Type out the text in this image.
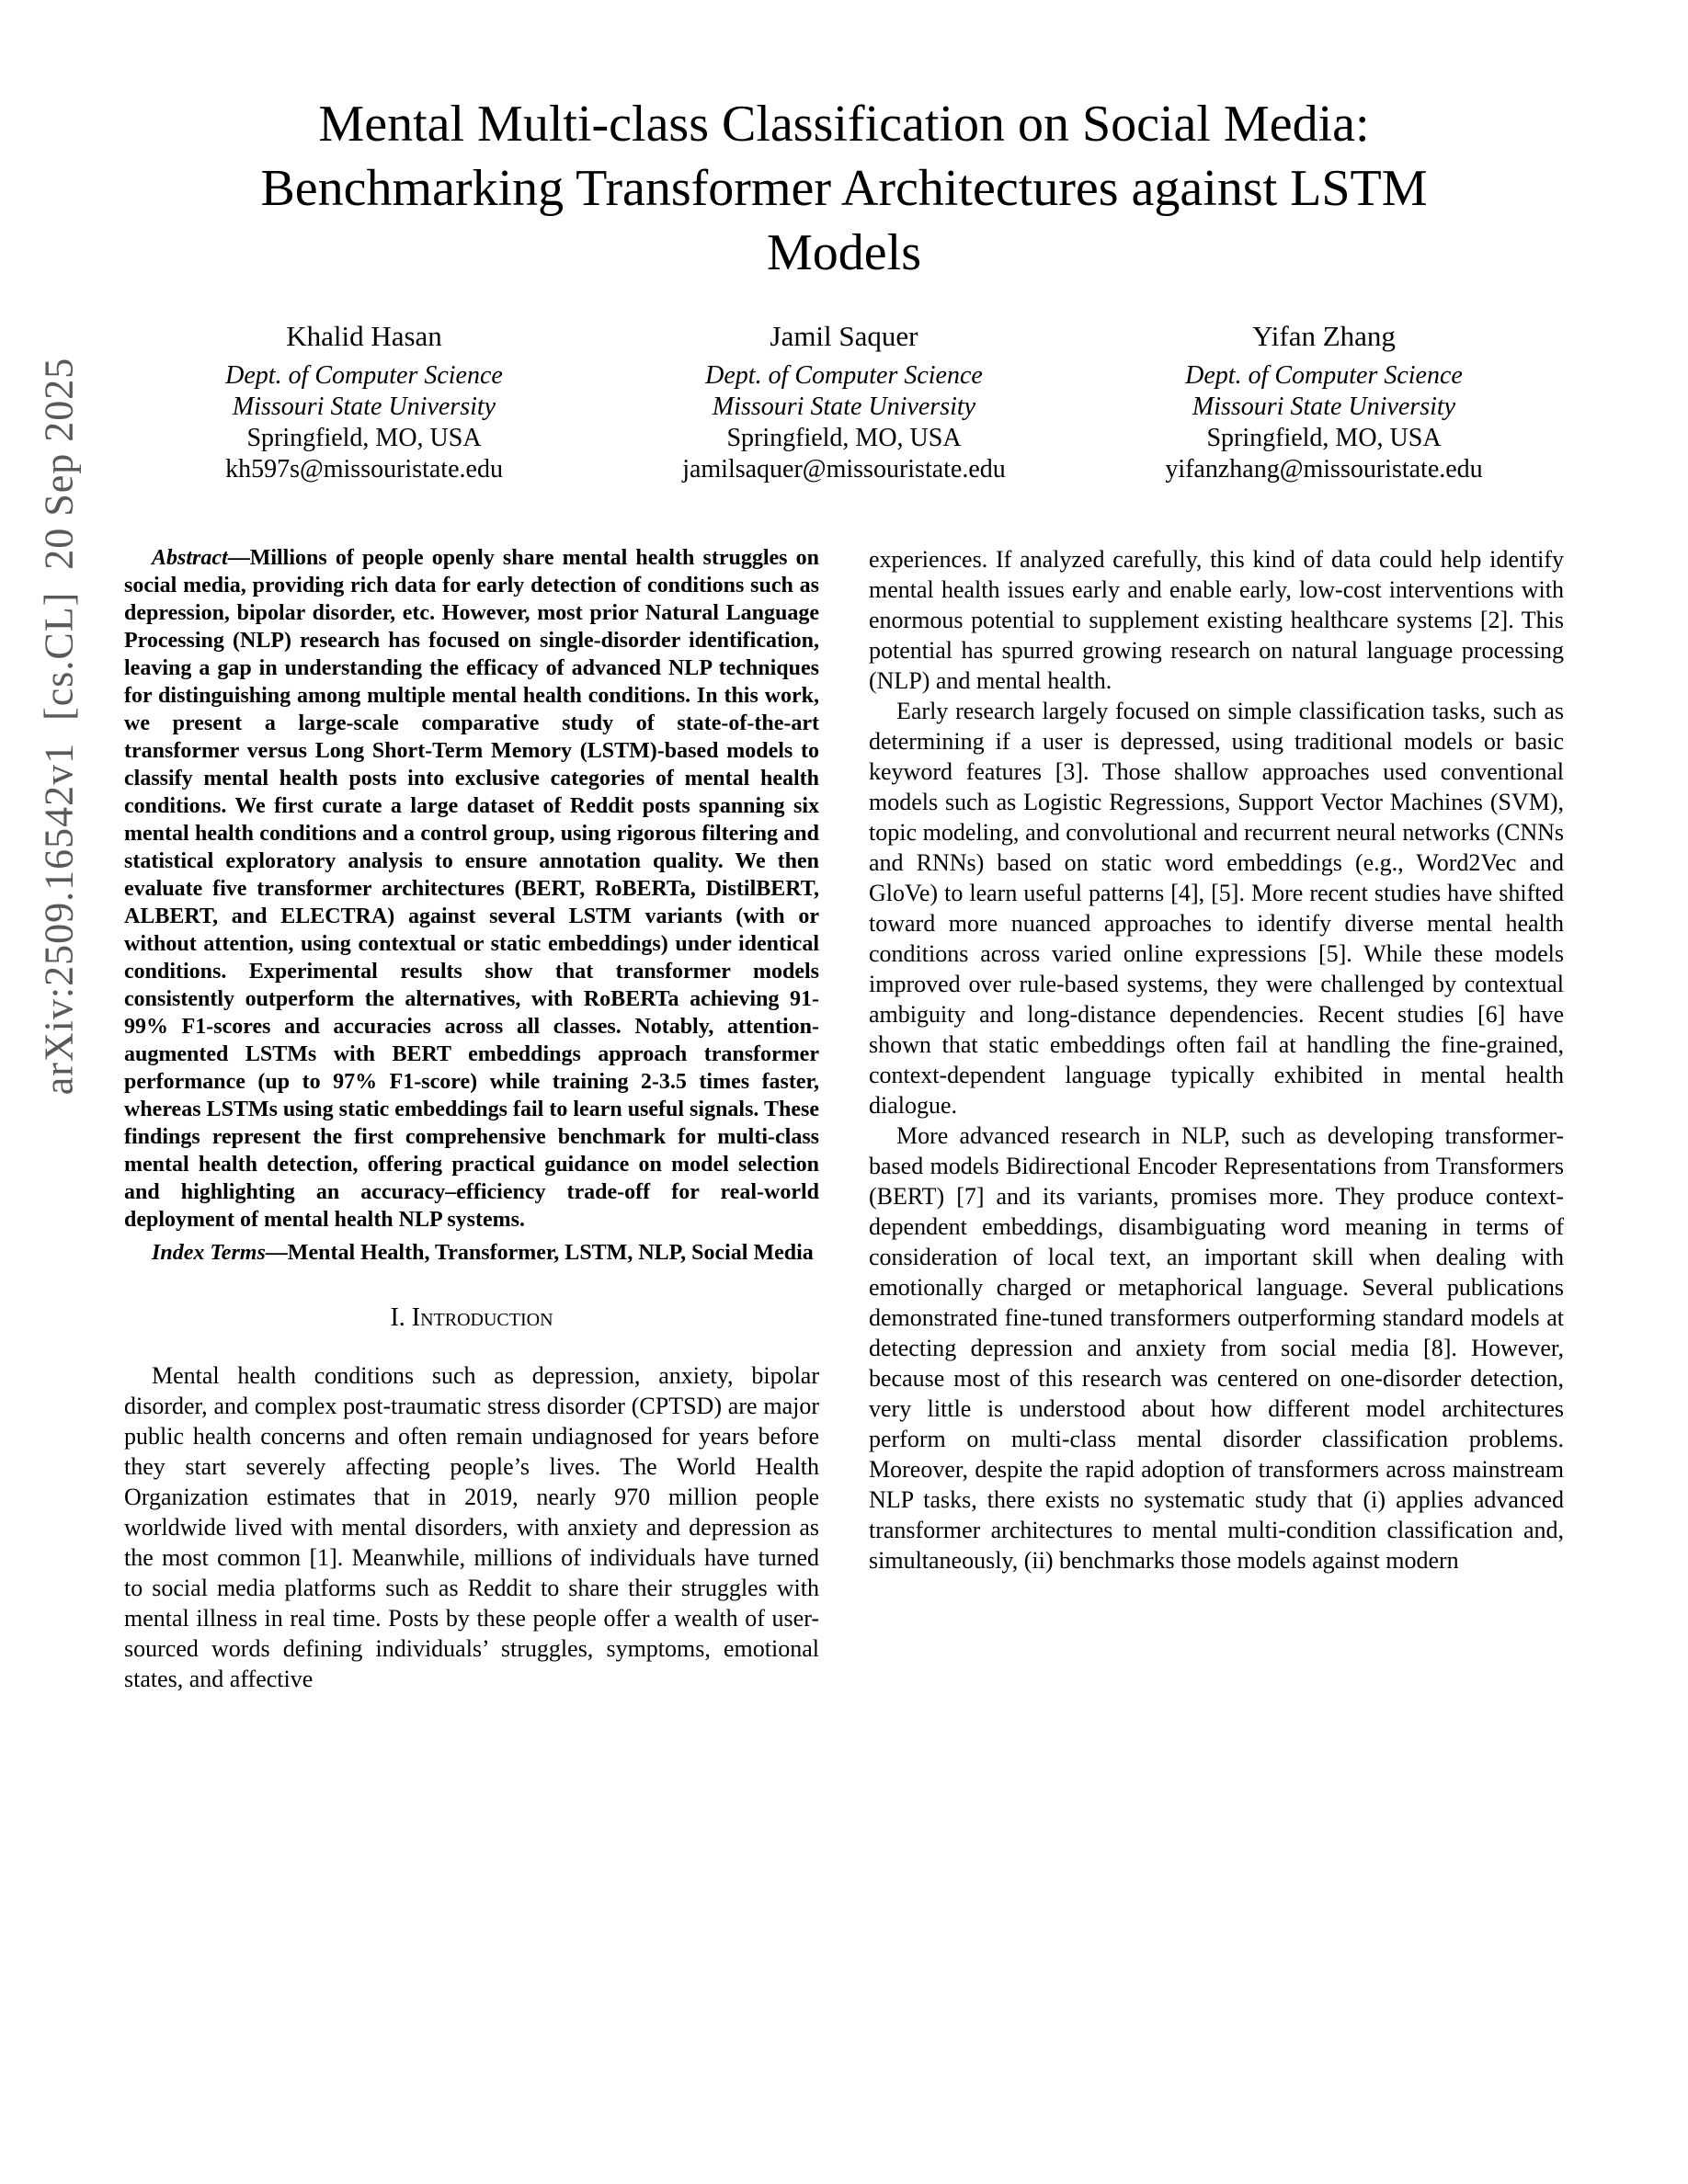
arXiv:2509.16542v1  [cs.CL]  20 Sep 2025
Mental Multi-class Classification on Social Media: Benchmarking Transformer Architectures against LSTM Models
Khalid Hasan
Dept. of Computer Science
Missouri State University
Springfield, MO, USA
kh597s@missouristate.edu
Jamil Saquer
Dept. of Computer Science
Missouri State University
Springfield, MO, USA
jamilsaquer@missouristate.edu
Yifan Zhang
Dept. of Computer Science
Missouri State University
Springfield, MO, USA
yifanzhang@missouristate.edu

Abstract—Millions of people openly share mental health struggles on social media, providing rich data for early detection of conditions such as depression, bipolar disorder, etc. However, most prior Natural Language Processing (NLP) research has focused on single-disorder identification, leaving a gap in understanding the efficacy of advanced NLP techniques for distinguishing among multiple mental health conditions. In this work, we present a large-scale comparative study of state-of-the-art transformer versus Long Short-Term Memory (LSTM)-based models to classify mental health posts into exclusive categories of mental health conditions. We first curate a large dataset of Reddit posts spanning six mental health conditions and a control group, using rigorous filtering and statistical exploratory analysis to ensure annotation quality. We then evaluate five transformer architectures (BERT, RoBERTa, DistilBERT, ALBERT, and ELECTRA) against several LSTM variants (with or without attention, using contextual or static embeddings) under identical conditions. Experimental results show that transformer models consistently outperform the alternatives, with RoBERTa achieving 91-99% F1-scores and accuracies across all classes. Notably, attention-augmented LSTMs with BERT embeddings approach transformer performance (up to 97% F1-score) while training 2-3.5 times faster, whereas LSTMs using static embeddings fail to learn useful signals. These findings represent the first comprehensive benchmark for multi-class mental health detection, offering practical guidance on model selection and highlighting an accuracy–efficiency trade-off for real-world deployment of mental health NLP systems.

Index Terms—Mental Health, Transformer, LSTM, NLP, Social Media

I. Introduction

Mental health conditions such as depression, anxiety, bipolar disorder, and complex post-traumatic stress disorder (CPTSD) are major public health concerns and often remain undiagnosed for years before they start severely affecting people’s lives. The World Health Organization estimates that in 2019, nearly 970 million people worldwide lived with mental disorders, with anxiety and depression as the most common [1]. Meanwhile, millions of individuals have turned to social media platforms such as Reddit to share their struggles with mental illness in real time. Posts by these people offer a wealth of user-sourced words defining individuals’ struggles, symptoms, emotional states, and affective

experiences. If analyzed carefully, this kind of data could help identify mental health issues early and enable early, low-cost interventions with enormous potential to supplement existing healthcare systems [2]. This potential has spurred growing research on natural language processing (NLP) and mental health.

Early research largely focused on simple classification tasks, such as determining if a user is depressed, using traditional models or basic keyword features [3]. Those shallow approaches used conventional models such as Logistic Regressions, Support Vector Machines (SVM), topic modeling, and convolutional and recurrent neural networks (CNNs and RNNs) based on static word embeddings (e.g., Word2Vec and GloVe) to learn useful patterns [4], [5]. More recent studies have shifted toward more nuanced approaches to identify diverse mental health conditions across varied online expressions [5]. While these models improved over rule-based systems, they were challenged by contextual ambiguity and long-distance dependencies. Recent studies [6] have shown that static embeddings often fail at handling the fine-grained, context-dependent language typically exhibited in mental health dialogue.

More advanced research in NLP, such as developing transformer-based models Bidirectional Encoder Representations from Transformers (BERT) [7] and its variants, promises more. They produce context-dependent embeddings, disambiguating word meaning in terms of consideration of local text, an important skill when dealing with emotionally charged or metaphorical language. Several publications demonstrated fine-tuned transformers outperforming standard models at detecting depression and anxiety from social media [8]. However, because most of this research was centered on one-disorder detection, very little is understood about how different model architectures perform on multi-class mental disorder classification problems. Moreover, despite the rapid adoption of transformers across mainstream NLP tasks, there exists no systematic study that (i) applies advanced transformer architectures to mental multi-condition classification and, simultaneously, (ii) benchmarks those models against modern
